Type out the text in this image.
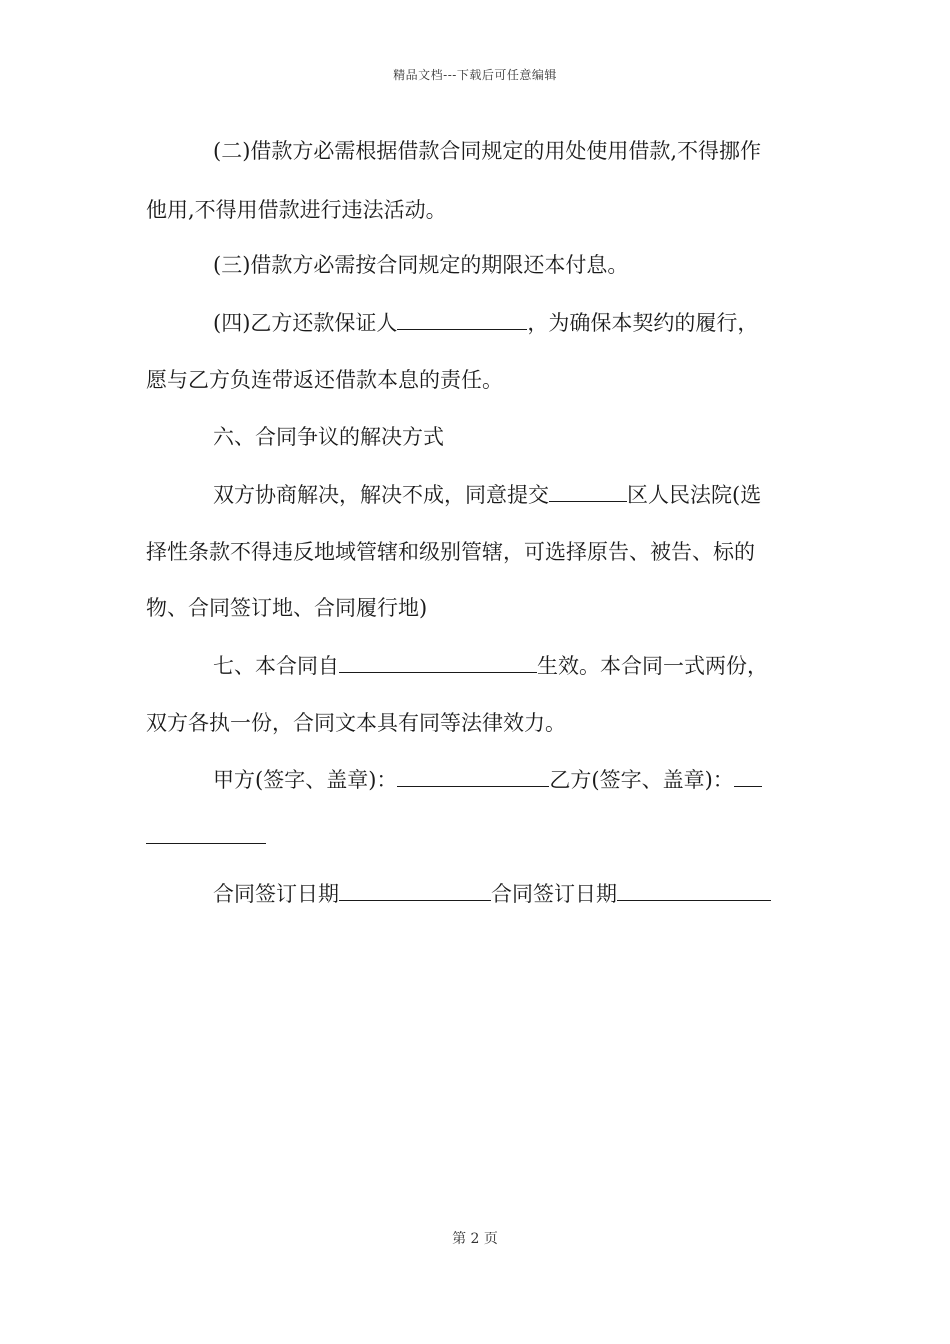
精品文档---下载后可任意编辑
(二)借款方必需根据借款合同规定的用处使用借款,不得挪作
他用,不得用借款进行违法活动。
(三)借款方必需按合同规定的期限还本付息。
(四)乙方还款保证人	，为确保本契约的履行，
愿与乙方负连带返还借款本息的责任。
六、合同争议的解决方式
双方协商解决，解决不成，同意提交	区人民法院(选
择性条款不得违反地域管辖和级别管辖，可选择原告、被告、标的
物、合同签订地、合同履行地)
七、本合同自	生效。本合同一式两份，
双方各执一份，合同文本具有同等法律效力。
甲方(签字、盖章)：	乙方(签字、盖章)：
合同签订日期	合同签订日期
第 2 页
